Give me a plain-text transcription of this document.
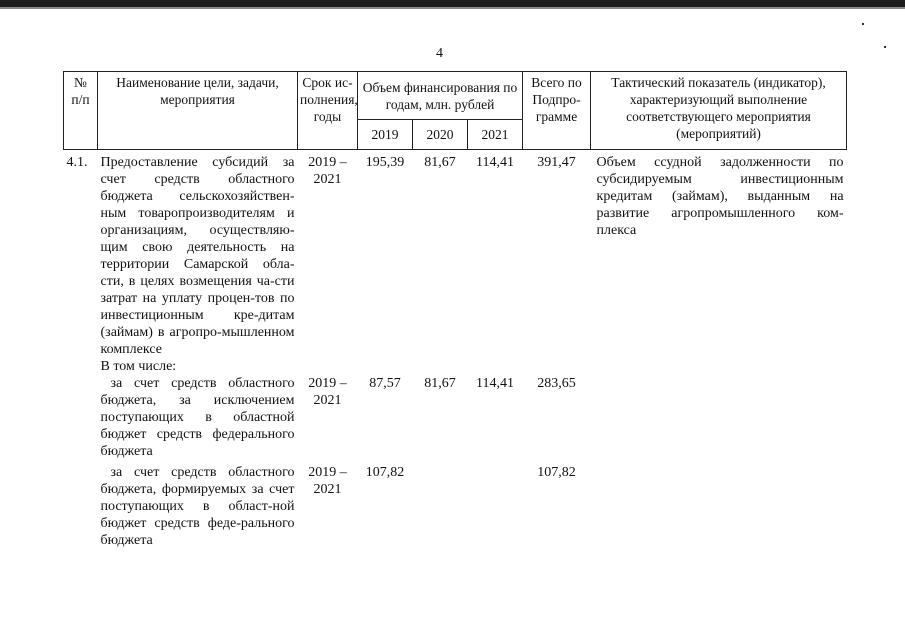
4
№
п/п	Наименование цели, задачи, мероприятия	Срок ис-полнения, годы	Объем финансирования по годам, млн. рублей			Всего по Подпро-грамме	Тактический показатель (индикатор), характеризующий выполнение соответствующего мероприятия (мероприятий)
			2019	2020	2021		

4.1.	Предоставление субсидий за счет средств областного бюджета сельскохозяйствен-ным товаропроизводителям и организациям, осуществляю-щим свою деятельность на территории Самарской обла-сти, в целях возмещения ча-сти затрат на уплату процен-тов по инвестиционным кре-дитам (займам) в агропро-мышленном комплексе	2019 – 2021	195,39	81,67	114,41	391,47	Объем ссудной задолженности по субсидируемым инвестиционным кредитам (займам), выданным на развитие агропромышленного ком-плекса
	В том числе:						
	за счет средств областного бюджета, за исключением поступающих в областной бюджет средств федерального бюджета	2019 – 2021	87,57	81,67	114,41	283,65	

	за счет средств областного бюджета, формируемых за счет поступающих в област-ной бюджет средств феде-рального бюджета	2019 – 2021	107,82			107,82	
